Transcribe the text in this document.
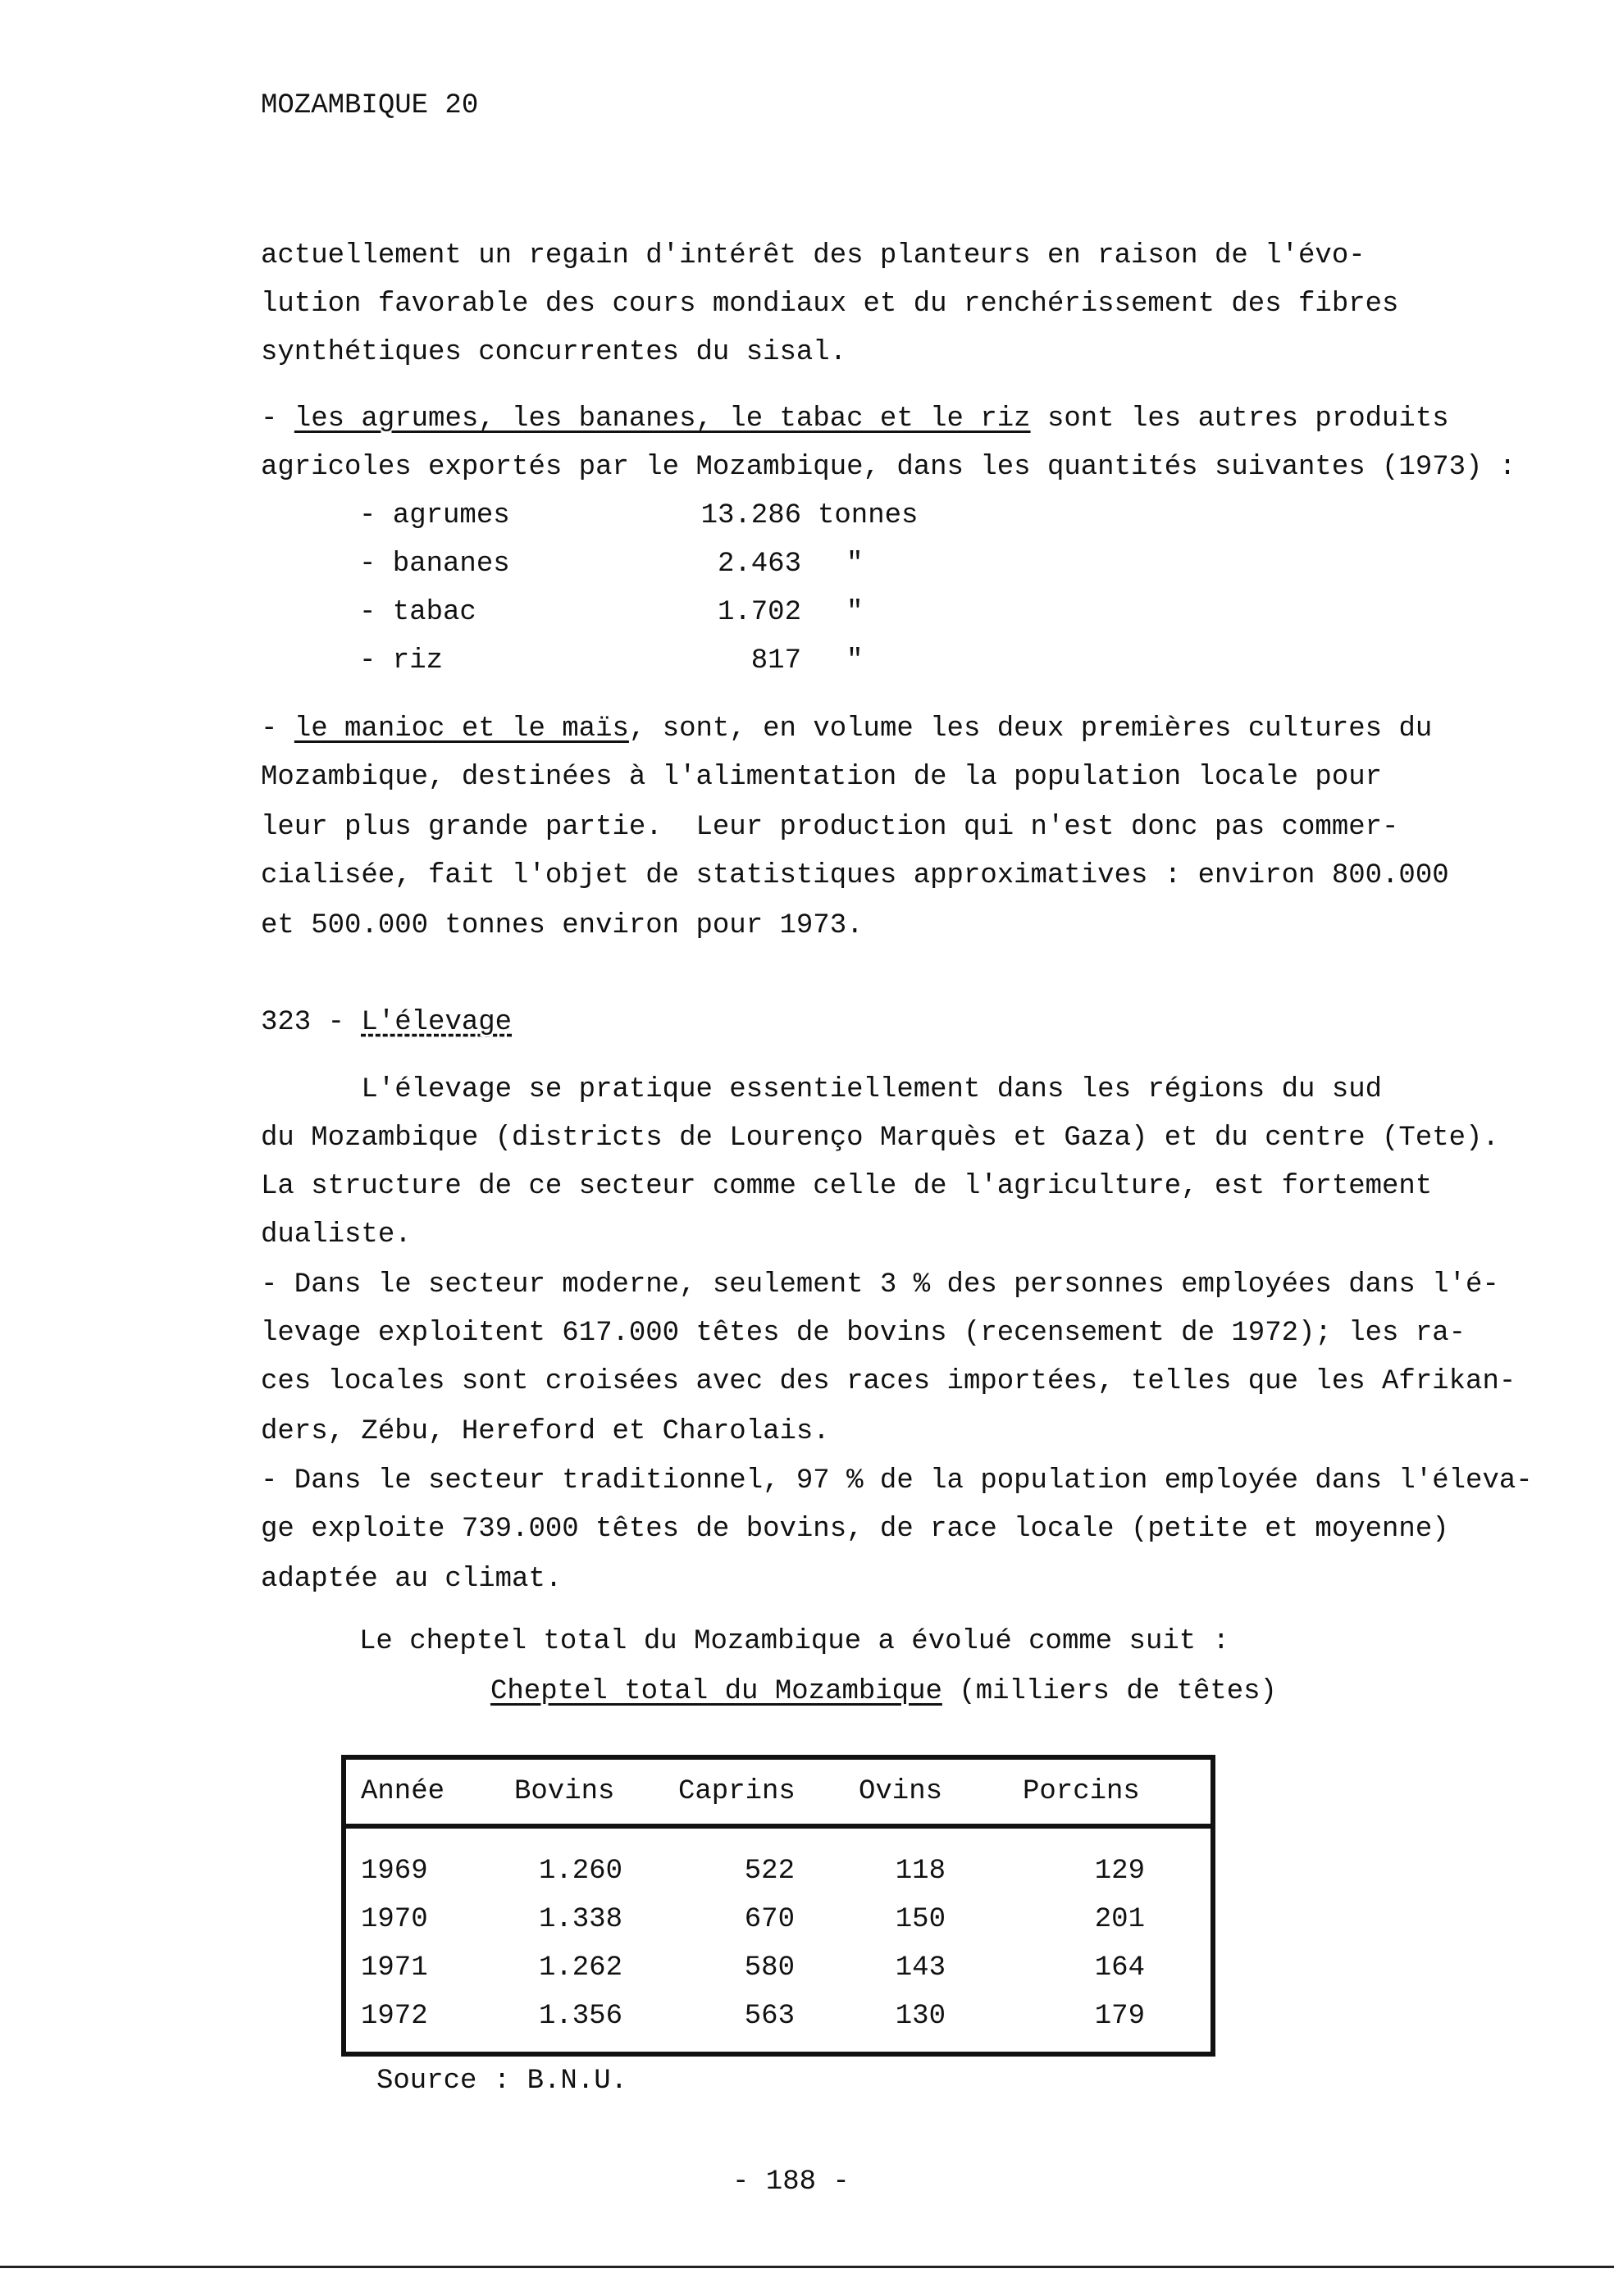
MOZAMBIQUE 20
actuellement un regain d'intérêt des planteurs en raison de l'évo-
lution favorable des cours mondiaux et du renchérissement des fibres
synthétiques concurrentes du sisal.
- les agrumes, les bananes, le tabac et le riz sont les autres produits
agricoles exportés par le Mozambique, dans les quantités suivantes (1973) :
- agrumes	13.286 tonnes
- bananes	2.463 "
- tabac	1.702 "
- riz	817 "
- le manioc et le maïs, sont, en volume les deux premières cultures du
Mozambique, destinées à l'alimentation de la population locale pour
leur plus grande partie.  Leur production qui n'est donc pas commer-
cialisée, fait l'objet de statistiques approximatives : environ 800.000
et 500.000 tonnes environ pour 1973.
323 - L'élevage
L'élevage se pratique essentiellement dans les régions du sud
du Mozambique (districts de Lourenço Marquès et Gaza) et du centre (Tete).
La structure de ce secteur comme celle de l'agriculture, est fortement
dualiste.
- Dans le secteur moderne, seulement 3 % des personnes employées dans l'é-
levage exploitent 617.000 têtes de bovins (recensement de 1972); les ra-
ces locales sont croisées avec des races importées, telles que les Afrikan-
ders, Zébu, Hereford et Charolais.
- Dans le secteur traditionnel, 97 % de la population employée dans l'éleva-
ge exploite 739.000 têtes de bovins, de race locale (petite et moyenne)
adaptée au climat.
Le cheptel total du Mozambique a évolué comme suit :
Cheptel total du Mozambique (milliers de têtes)
Année	Bovins	Caprins	Ovins	Porcins

1969	1.260	522	118	129
1970	1.338	670	150	201
1971	1.262	580	143	164
1972	1.356	563	130	179

Source : B.N.U.
- 188 -
